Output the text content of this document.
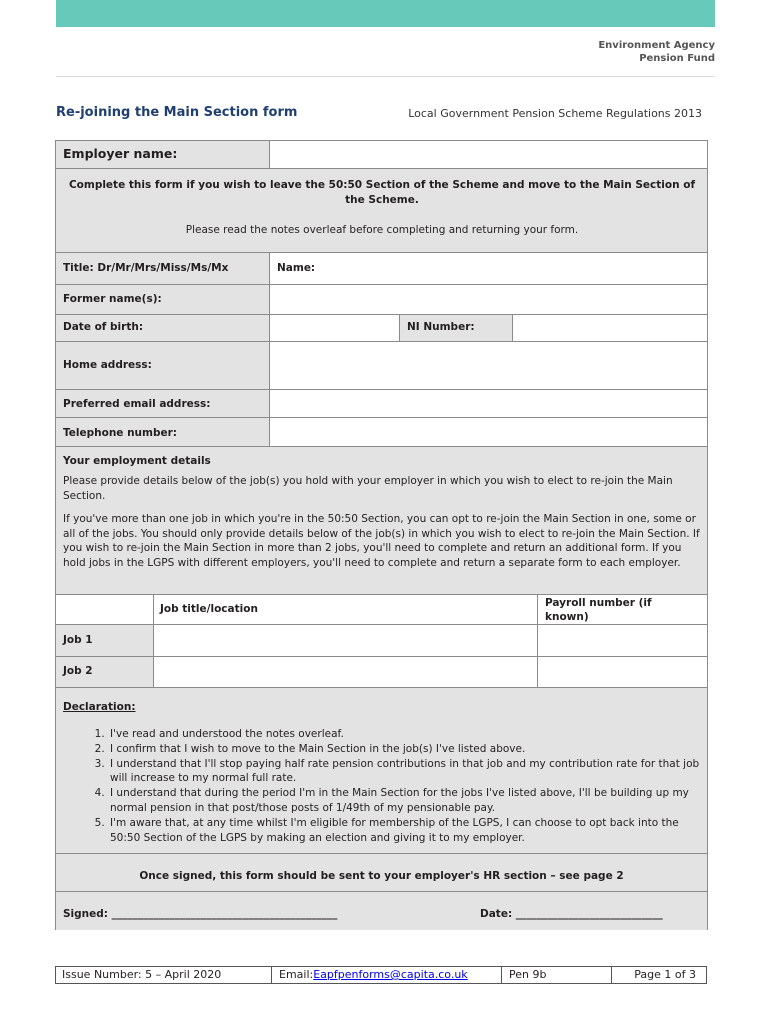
Environment Agency
Pension Fund
Re-joining the Main Section form	Local Government Pension Scheme Regulations 2013
Employer name:
Complete this form if you wish to leave the 50:50 Section of the Scheme and move to the Main Section of the Scheme.
Please read the notes overleaf before completing and returning your form.
Title: Dr/Mr/Mrs/Miss/Ms/Mx	Name:
Former name(s):
Date of birth:	NI Number:
Home address:
Preferred email address:
Telephone number:
Your employment details
Please provide details below of the job(s) you hold with your employer in which you wish to elect to re-join the Main Section.
If you've more than one job in which you're in the 50:50 Section, you can opt to re-join the Main Section in one, some or all of the jobs. You should only provide details below of the job(s) in which you wish to elect to re-join the Main Section. If you wish to re-join the Main Section in more than 2 jobs, you'll need to complete and return an additional form. If you hold jobs in the LGPS with different employers, you'll need to complete and return a separate form to each employer.
Job title/location	Payroll number (if known)
Job 1
Job 2
Declaration:
1. I've read and understood the notes overleaf.
2. I confirm that I wish to move to the Main Section in the job(s) I've listed above.
3. I understand that I'll stop paying half rate pension contributions in that job and my contribution rate for that job will increase to my normal full rate.
4. I understand that during the period I'm in the Main Section for the jobs I've listed above, I'll be building up my normal pension in that post/those posts of 1/49th of my pensionable pay.
5. I'm aware that, at any time whilst I'm eligible for membership of the LGPS, I can choose to opt back into the 50:50 Section of the LGPS by making an election and giving it to my employer.
Once signed, this form should be sent to your employer's HR section – see page 2
Signed: ___________________________________________	Date: ____________________________
Issue Number: 5 – April 2020	Email:Eapfpenforms@capita.co.uk	Pen 9b	Page 1 of 3
